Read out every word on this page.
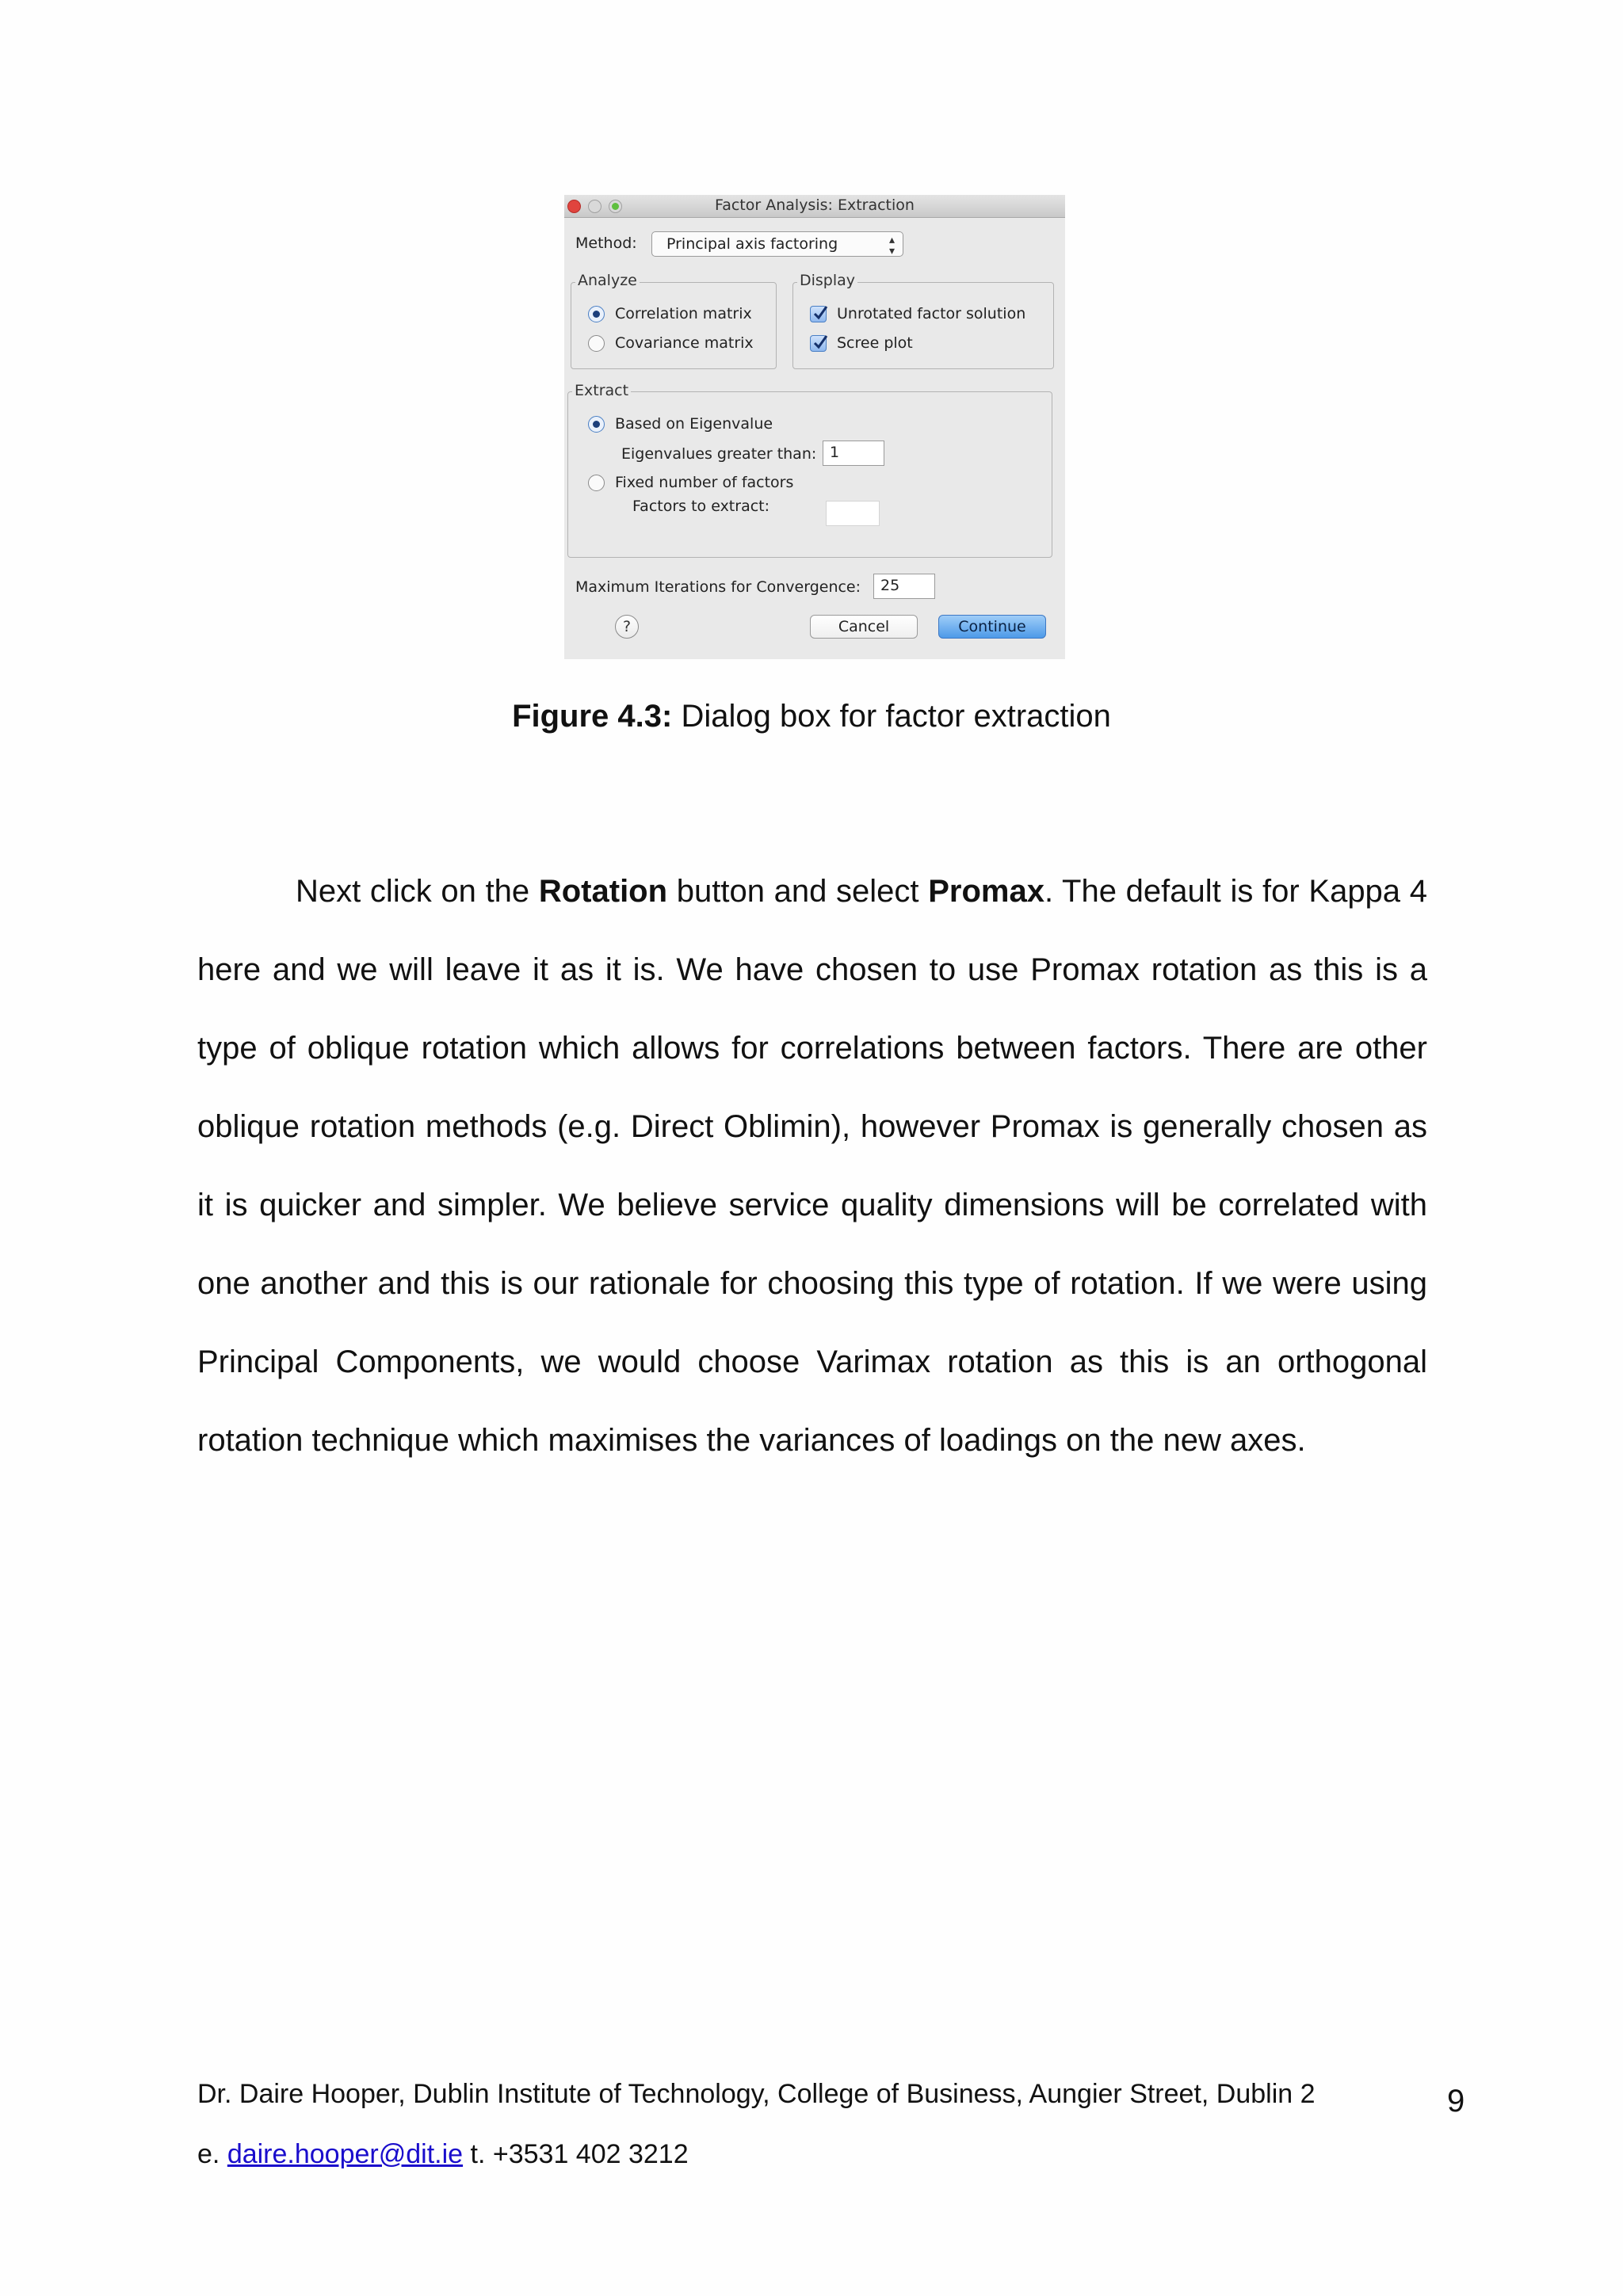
Factor Analysis: Extraction
Method:	Principal axis factoring	▴
▾
Analyze
Correlation matrix
Covariance matrix
Display
Unrotated factor solution
Scree plot
Extract
Based on Eigenvalue
Eigenvalues greater than: 1
Fixed number of factors
Factors to extract:
Maximum Iterations for Convergence:	25
?	Cancel	Continue
Figure 4.3: Dialog box for factor extraction
Next click on the Rotation button and select Promax. The default is for Kappa 4 here and we will leave it as it is. We have chosen to use Promax rotation as this is a type of oblique rotation which allows for correlations between factors. There are other oblique rotation methods (e.g. Direct Oblimin), however Promax is generally chosen as it is quicker and simpler. We believe service quality dimensions will be correlated with one another and this is our rationale for choosing this type of rotation. If we were using Principal Components, we would choose Varimax rotation as this is an orthogonal rotation technique which maximises the variances of loadings on the new axes.
Dr. Daire Hooper, Dublin Institute of Technology, College of Business, Aungier Street, Dublin 2	9
e. daire.hooper@dit.ie t. +3531 402 3212
